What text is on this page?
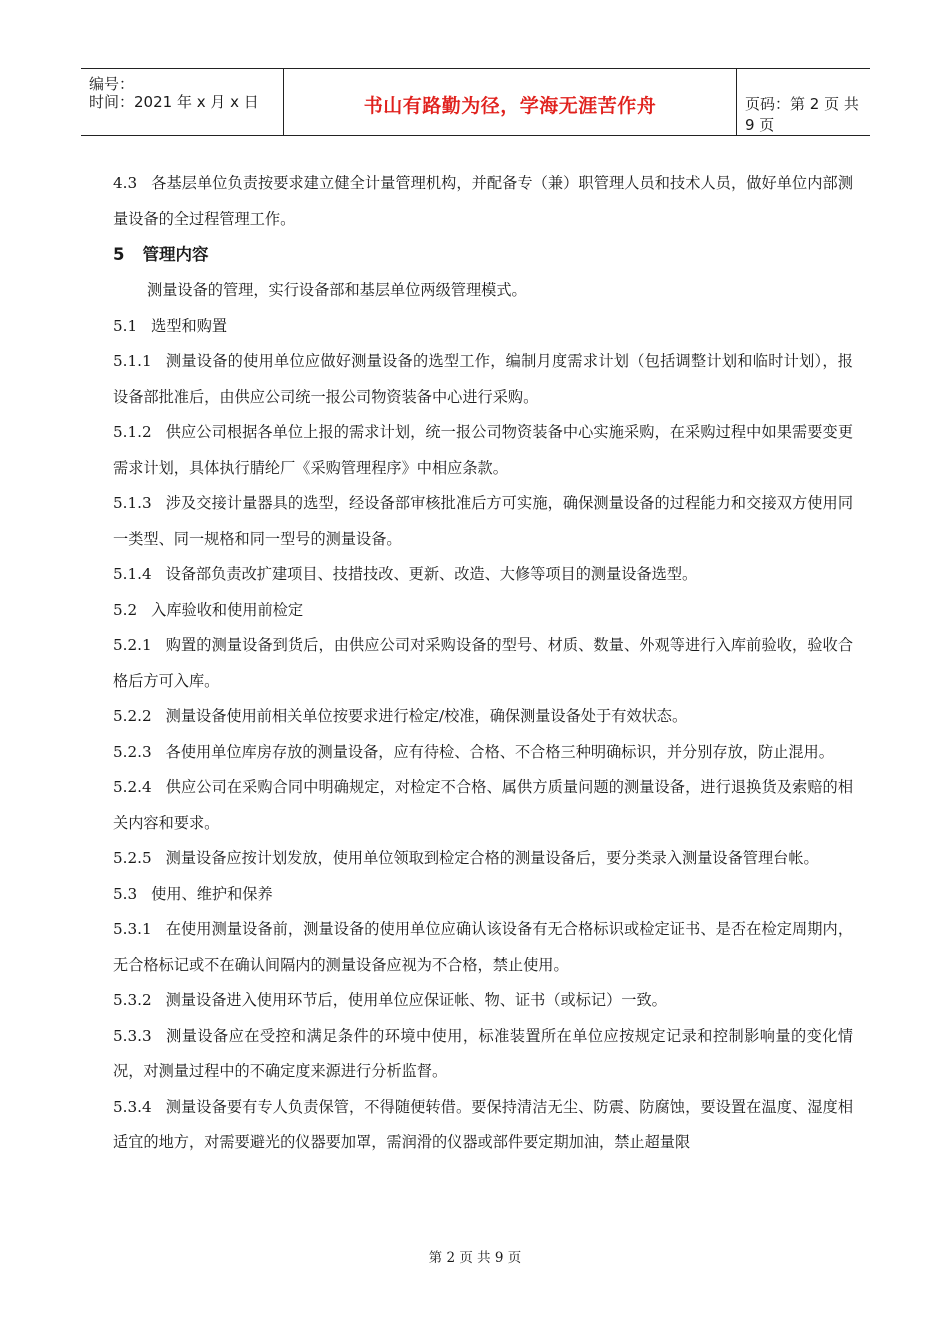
编号：
时间：2021 年 x 月 x 日	书山有路勤为径，学海无涯苦作舟	页码：第 2 页 共 9 页

4.3 各基层单位负责按要求建立健全计量管理机构，并配备专（兼）职管理人员和技术人员，做好单位内部测量设备的全过程管理工作。

5 管理内容

测量设备的管理，实行设备部和基层单位两级管理模式。

5.1 选型和购置

5.1.1 测量设备的使用单位应做好测量设备的选型工作，编制月度需求计划（包括调整计划和临时计划），报设备部批准后，由供应公司统一报公司物资装备中心进行采购。

5.1.2 供应公司根据各单位上报的需求计划，统一报公司物资装备中心实施采购，在采购过程中如果需要变更需求计划，具体执行腈纶厂《采购管理程序》中相应条款。

5.1.3 涉及交接计量器具的选型，经设备部审核批准后方可实施，确保测量设备的过程能力和交接双方使用同一类型、同一规格和同一型号的测量设备。

5.1.4 设备部负责改扩建项目、技措技改、更新、改造、大修等项目的测量设备选型。

5.2 入库验收和使用前检定

5.2.1 购置的测量设备到货后，由供应公司对采购设备的型号、材质、数量、外观等进行入库前验收，验收合格后方可入库。

5.2.2 测量设备使用前相关单位按要求进行检定/校准，确保测量设备处于有效状态。

5.2.3 各使用单位库房存放的测量设备，应有待检、合格、不合格三种明确标识，并分别存放，防止混用。

5.2.4 供应公司在采购合同中明确规定，对检定不合格、属供方质量问题的测量设备，进行退换货及索赔的相关内容和要求。

5.2.5 测量设备应按计划发放，使用单位领取到检定合格的测量设备后，要分类录入测量设备管理台帐。

5.3 使用、维护和保养

5.3.1 在使用测量设备前，测量设备的使用单位应确认该设备有无合格标识或检定证书、是否在检定周期内，无合格标记或不在确认间隔内的测量设备应视为不合格，禁止使用。

5.3.2 测量设备进入使用环节后，使用单位应保证帐、物、证书（或标记）一致。

5.3.3 测量设备应在受控和满足条件的环境中使用，标准装置所在单位应按规定记录和控制影响量的变化情况，对测量过程中的不确定度来源进行分析监督。

5.3.4 测量设备要有专人负责保管，不得随便转借。要保持清洁无尘、防震、防腐蚀，要设置在温度、湿度相适宜的地方，对需要避光的仪器要加罩，需润滑的仪器或部件要定期加油，禁止超量限

第 2 页 共 9 页
